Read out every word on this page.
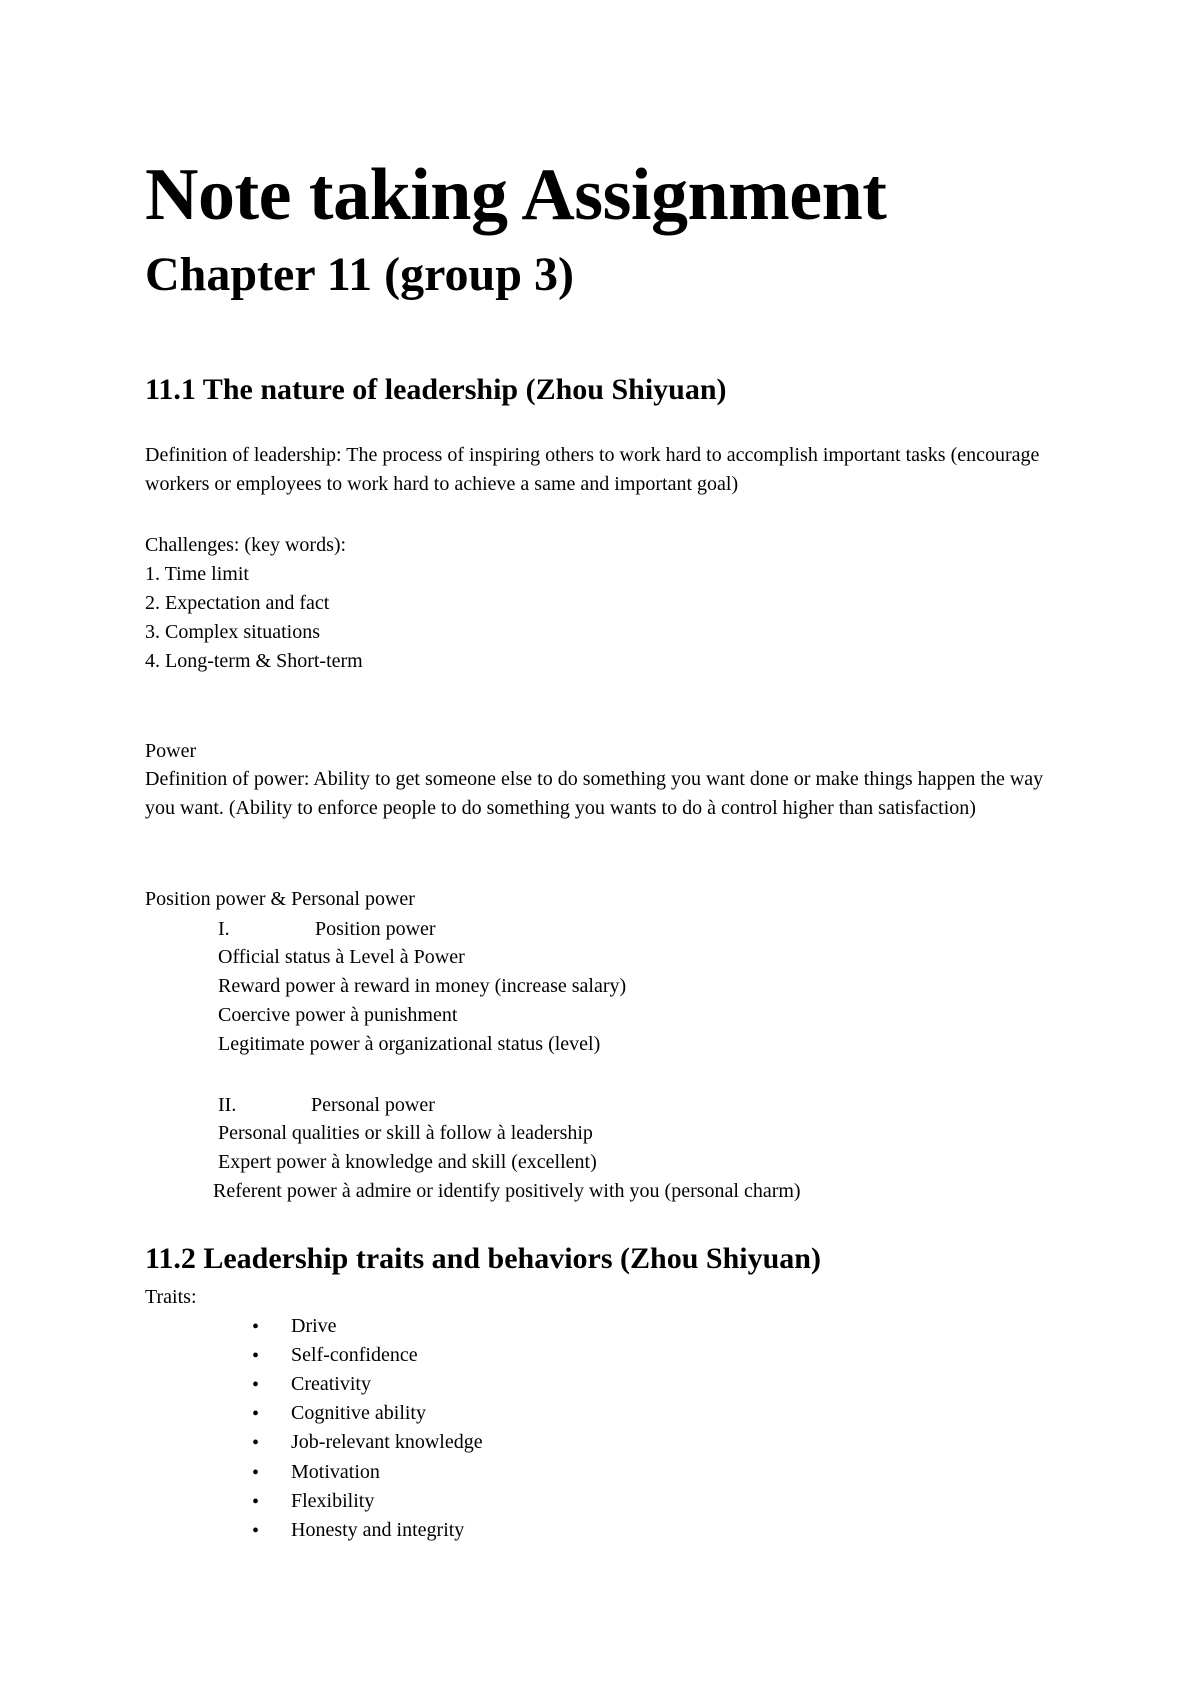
Note taking Assignment
Chapter 11 (group 3)
11.1 The nature of leadership (Zhou Shiyuan)
Definition of leadership: The process of inspiring others to work hard to accomplish important tasks (encourage workers or employees to work hard to achieve a same and important goal)
Challenges: (key words):
1. Time limit
2. Expectation and fact
3. Complex situations
4. Long-term & Short-term
Power
Definition of power: Ability to get someone else to do something you want done or make things happen the way you want. (Ability to enforce people to do something you wants to do à control higher than satisfaction)
Position power & Personal power
I.	Position power
Official status à Level à Power
Reward power à reward in money (increase salary)
Coercive power à punishment
Legitimate power à organizational status (level)
II.	Personal power
Personal qualities or skill à follow à leadership
Expert power à knowledge and skill (excellent)
Referent power à admire or identify positively with you (personal charm)
11.2 Leadership traits and behaviors (Zhou Shiyuan)
Traits:
• Drive
• Self-confidence
• Creativity
• Cognitive ability
• Job-relevant knowledge
• Motivation
• Flexibility
• Honesty and integrity
